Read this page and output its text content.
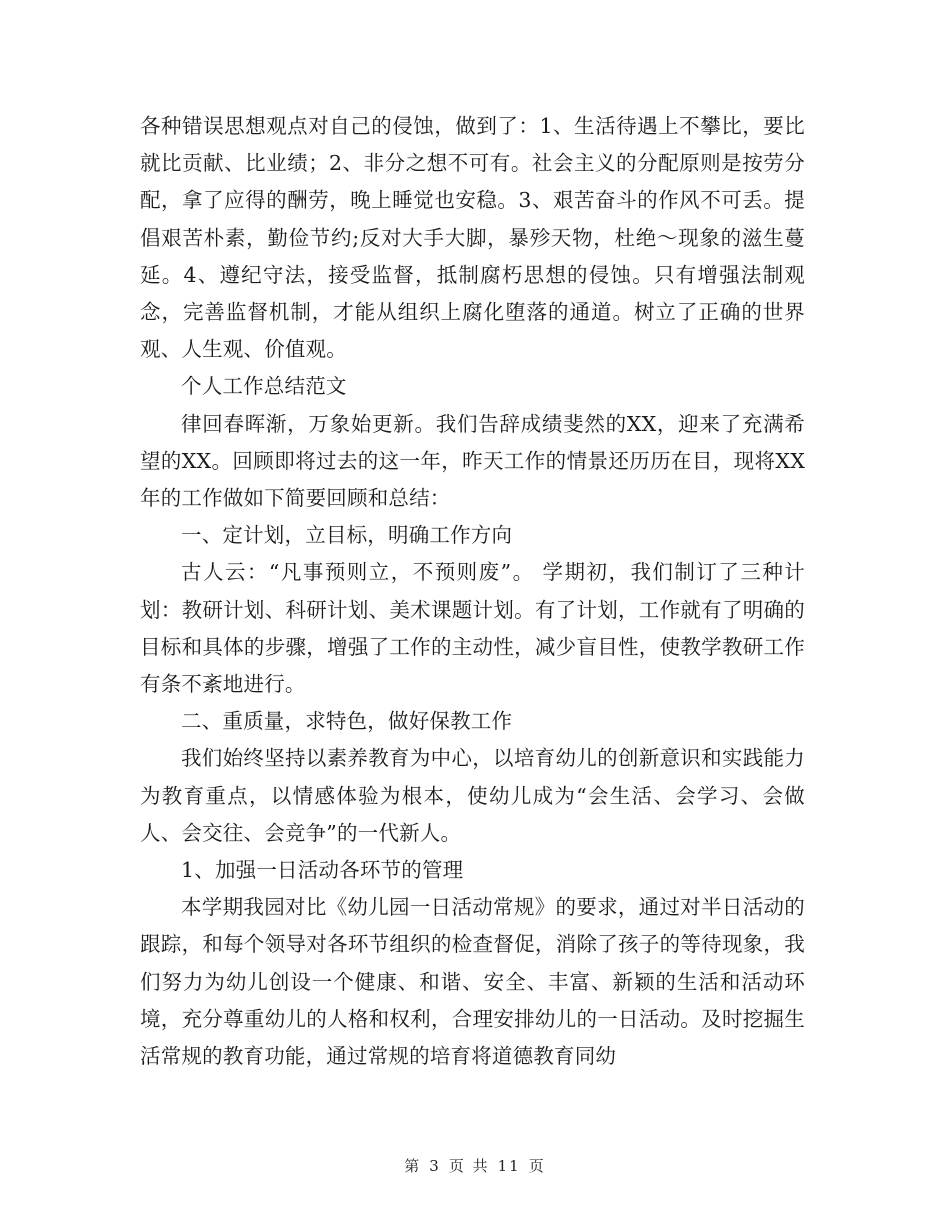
各种错误思想观点对自己的侵蚀，做到了：1、生活待遇上不攀比，要比就比贡献、比业绩；2、非分之想不可有。社会主义的分配原则是按劳分配，拿了应得的酬劳，晚上睡觉也安稳。3、艰苦奋斗的作风不可丢。提倡艰苦朴素，勤俭节约;反对大手大脚，暴殄天物，杜绝～现象的滋生蔓延。4、遵纪守法，接受监督，抵制腐朽思想的侵蚀。只有增强法制观念，完善监督机制，才能从组织上腐化堕落的通道。树立了正确的世界观、人生观、价值观。

个人工作总结范文

律回春晖渐，万象始更新。我们告辞成绩斐然的XX，迎来了充满希望的XX。回顾即将过去的这一年，昨天工作的情景还历历在目，现将XX年的工作做如下简要回顾和总结：

一、定计划，立目标，明确工作方向

古人云：“凡事预则立，不预则废”。 学期初，我们制订了三种计划：教研计划、科研计划、美术课题计划。有了计划，工作就有了明确的目标和具体的步骤，增强了工作的主动性，减少盲目性，使教学教研工作有条不紊地进行。

二、重质量，求特色，做好保教工作

我们始终坚持以素养教育为中心，以培育幼儿的创新意识和实践能力为教育重点，以情感体验为根本，使幼儿成为“会生活、会学习、会做人、会交往、会竞争”的一代新人。

1、加强一日活动各环节的管理

本学期我园对比《幼儿园一日活动常规》的要求，通过对半日活动的跟踪，和每个领导对各环节组织的检查督促，消除了孩子的等待现象，我们努力为幼儿创设一个健康、和谐、安全、丰富、新颖的生活和活动环境，充分尊重幼儿的人格和权利，合理安排幼儿的一日活动。及时挖掘生活常规的教育功能，通过常规的培育将道德教育同幼

第 3 页 共 11 页
